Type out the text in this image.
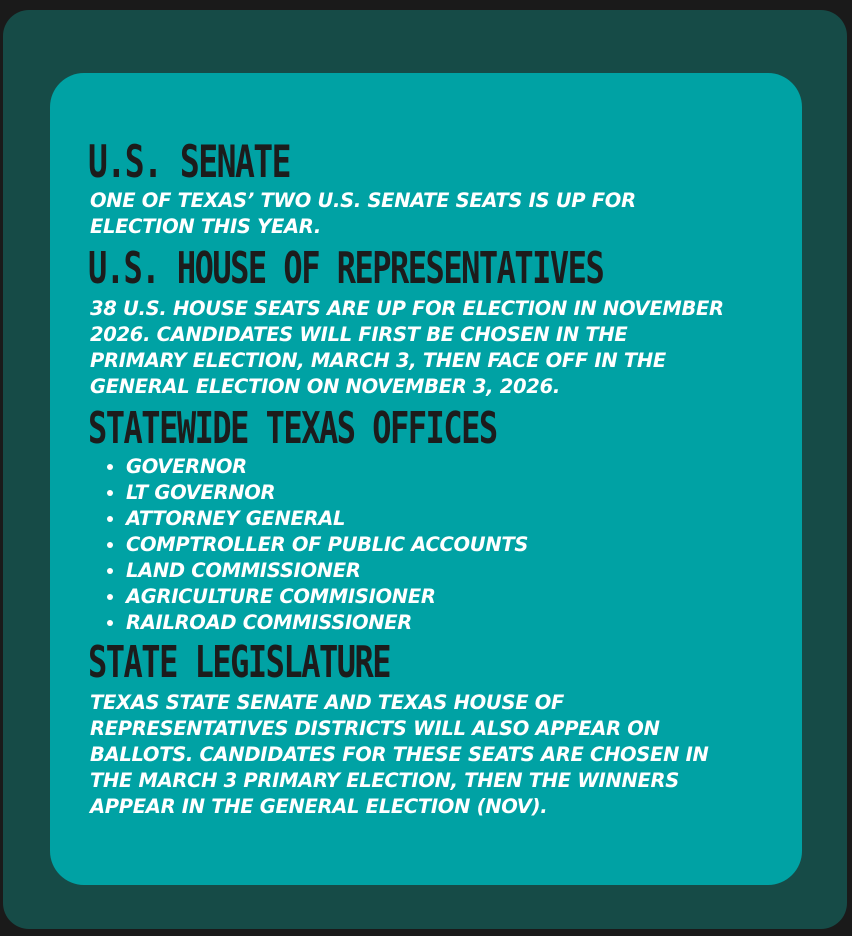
U.S. SENATE

ONE OF TEXAS’ TWO U.S. SENATE SEATS IS UP FOR
ELECTION THIS YEAR.

U.S. HOUSE OF REPRESENTATIVES

38 U.S. HOUSE SEATS ARE UP FOR ELECTION IN NOVEMBER
2026. CANDIDATES WILL FIRST BE CHOSEN IN THE
PRIMARY ELECTION, MARCH 3, THEN FACE OFF IN THE
GENERAL ELECTION ON NOVEMBER 3, 2026.

STATEWIDE TEXAS OFFICES
GOVERNOR
LT GOVERNOR
ATTORNEY GENERAL
COMPTROLLER OF PUBLIC ACCOUNTS
LAND COMMISSIONER
AGRICULTURE COMMISIONER
RAILROAD COMMISSIONER
STATE LEGISLATURE

TEXAS STATE SENATE AND TEXAS HOUSE OF
REPRESENTATIVES DISTRICTS WILL ALSO APPEAR ON
BALLOTS. CANDIDATES FOR THESE SEATS ARE CHOSEN IN
THE MARCH 3 PRIMARY ELECTION, THEN THE WINNERS
APPEAR IN THE GENERAL ELECTION (NOV).
